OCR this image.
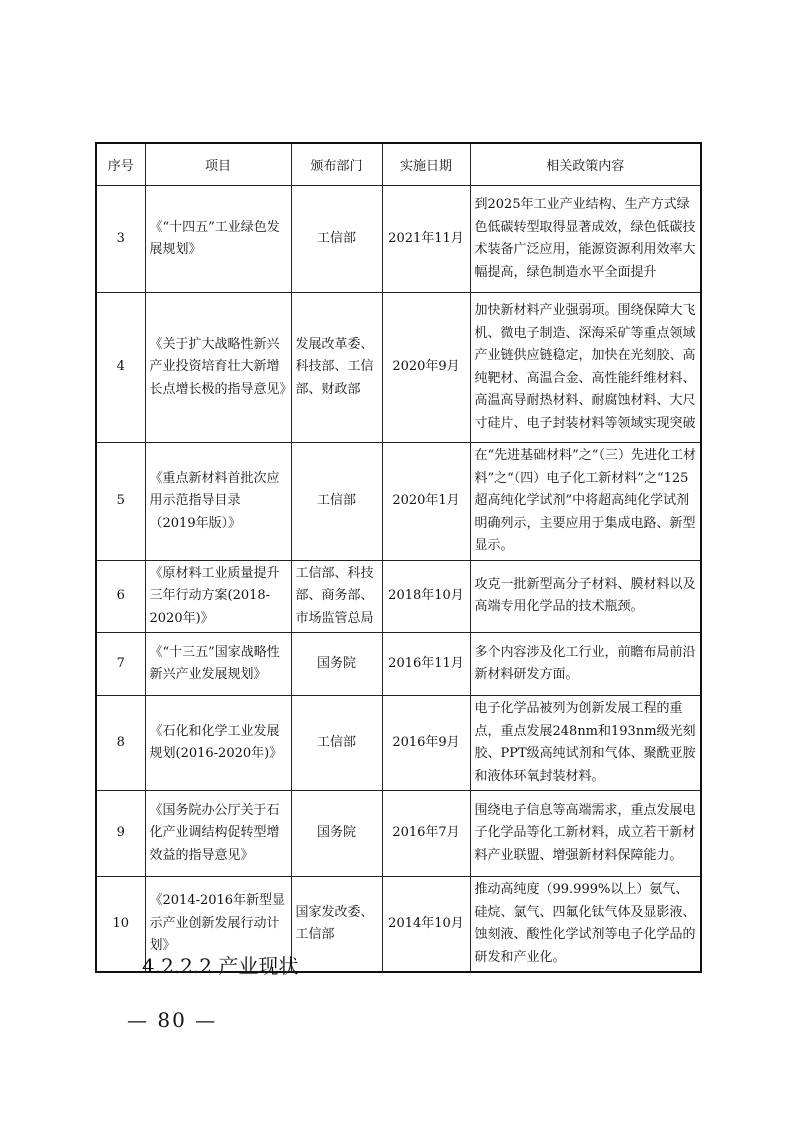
序号	项目	颁布部门	实施日期	相关政策内容
3	《“十四五”工业绿色发展规划》	工信部	2021年11月	到2025年工业产业结构、生产方式绿色低碳转型取得显著成效，绿色低碳技术装备广泛应用，能源资源利用效率大幅提高，绿色制造水平全面提升
4	《关于扩大战略性新兴产业投资培育壮大新增长点增长极的指导意见》	发展改革委、科技部、工信部、财政部	2020年9月	加快新材料产业强弱项。围绕保障大飞机、微电子制造、深海采矿等重点领域产业链供应链稳定，加快在光刻胶、高纯靶材、高温合金、高性能纤维材料、高温高导耐热材料、耐腐蚀材料、大尺寸硅片、电子封装材料等领域实现突破
5	《重点新材料首批次应用示范指导目录（2019年版）》	工信部	2020年1月	在“先进基础材料”之“（三）先进化工材料”之“（四）电子化工新材料”之“125超高纯化学试剂”中将超高纯化学试剂明确列示，主要应用于集成电路、新型显示。
6	《原材料工业质量提升三年行动方案(2018-2020年)》	工信部、科技部、商务部、市场监管总局	2018年10月	攻克一批新型高分子材料、膜材料以及高端专用化学品的技术瓶颈。
7	《“十三五”国家战略性新兴产业发展规划》	国务院	2016年11月	多个内容涉及化工行业，前瞻布局前沿新材料研发方面。
8	《石化和化学工业发展规划(2016-2020年)》	工信部	2016年9月	电子化学品被列为创新发展工程的重点，重点发展248nm和193nm级光刻胶、PPT级高纯试剂和气体、聚酰亚胺和液体环氧封装材料。
9	《国务院办公厅关于石化产业调结构促转型增效益的指导意见》	国务院	2016年7月	围绕电子信息等高端需求，重点发展电子化学品等化工新材料，成立若干新材料产业联盟、增强新材料保障能力。
10	《2014-2016年新型显示产业创新发展行动计划》	国家发改委、工信部	2014年10月	推动高纯度（99.999%以上）氨气、硅烷、氯气、四氟化钛气体及显影液、蚀刻液、酸性化学试剂等电子化学品的研发和产业化。
4.2.2.2 产业现状
— 80 —
